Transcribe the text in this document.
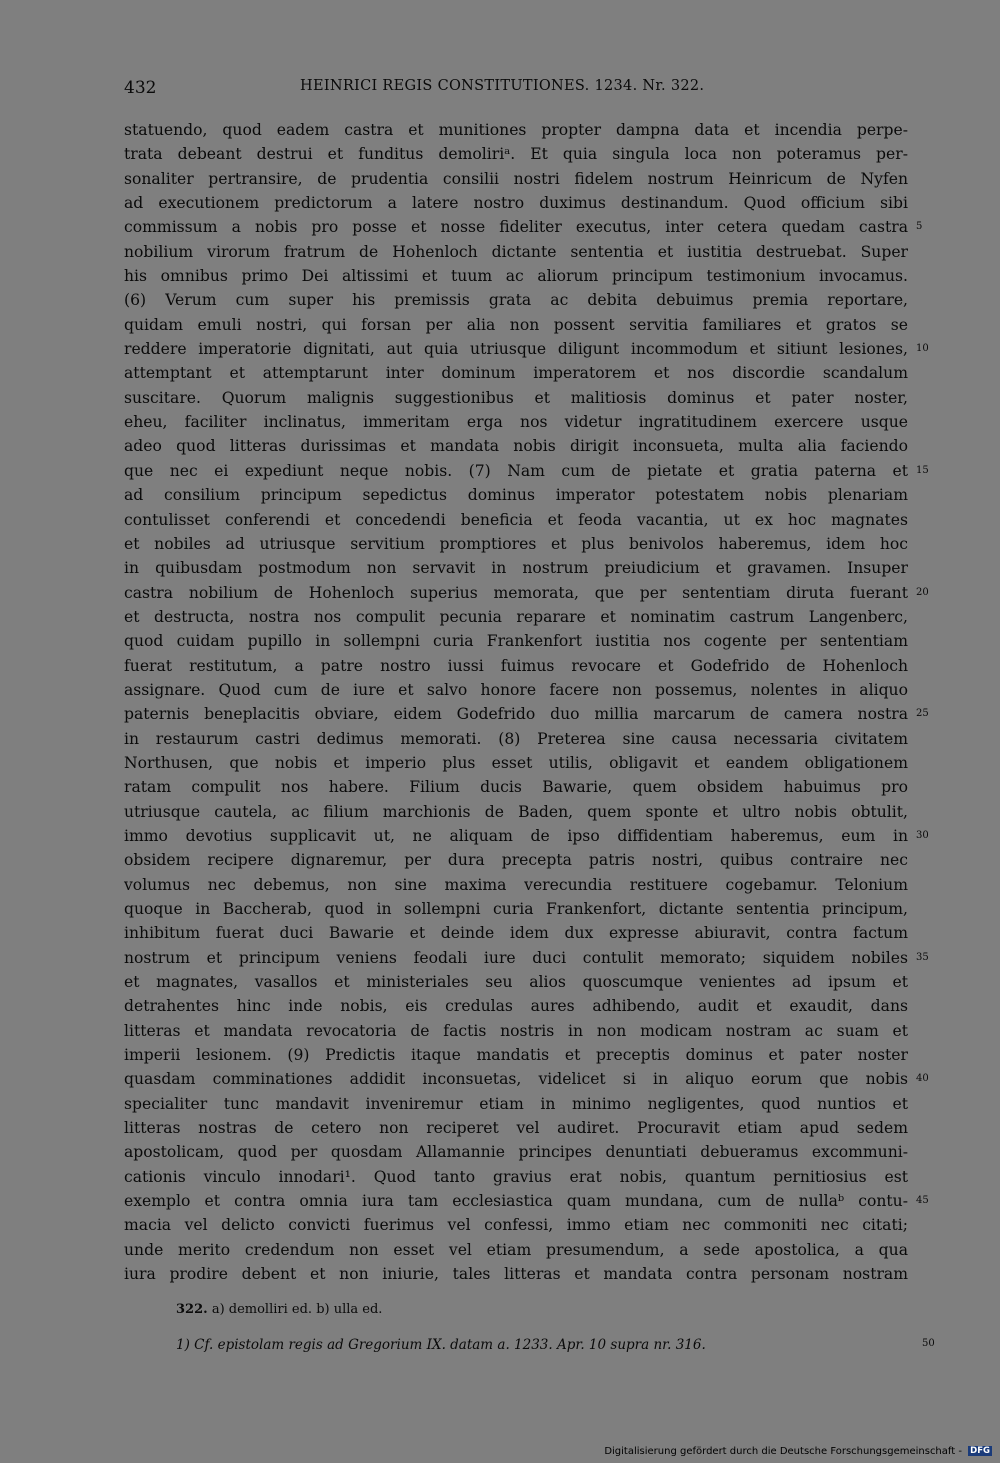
432	HEINRICI REGIS CONSTITUTIONES. 1234. Nr. 322.
statuendo, quod eadem castra et munitiones propter dampna data et incendia perpe-
trata debeant destrui et funditus demoliriᵃ. Et quia singula loca non poteramus per-
sonaliter pertransire, de prudentia consilii nostri fidelem nostrum Heinricum de Nyfen
ad executionem predictorum a latere nostro duximus destinandum. Quod officium sibi
commissum a nobis pro posse et nosse fideliter executus, inter cetera quedam castra 5
nobilium virorum fratrum de Hohenloch dictante sententia et iustitia destruebat. Super
his omnibus primo Dei altissimi et tuum ac aliorum principum testimonium invocamus.
(6) Verum cum super his premissis grata ac debita debuimus premia reportare,
quidam emuli nostri, qui forsan per alia non possent servitia familiares et gratos se
reddere imperatorie dignitati, aut quia utriusque diligunt incommodum et sitiunt lesiones, 10
attemptant et attemptarunt inter dominum imperatorem et nos discordie scandalum
suscitare. Quorum malignis suggestionibus et malitiosis dominus et pater noster,
eheu, faciliter inclinatus, immeritam erga nos videtur ingratitudinem exercere usque
adeo quod litteras durissimas et mandata nobis dirigit inconsueta, multa alia faciendo
que nec ei expediunt neque nobis. (7) Nam cum de pietate et gratia paterna et 15
ad consilium principum sepedictus dominus imperator potestatem nobis plenariam
contulisset conferendi et concedendi beneficia et feoda vacantia, ut ex hoc magnates
et nobiles ad utriusque servitium promptiores et plus benivolos haberemus, idem hoc
in quibusdam postmodum non servavit in nostrum preiudicium et gravamen. Insuper
castra nobilium de Hohenloch superius memorata, que per sententiam diruta fuerant 20
et destructa, nostra nos compulit pecunia reparare et nominatim castrum Langenberc,
quod cuidam pupillo in sollempni curia Frankenfort iustitia nos cogente per sententiam
fuerat restitutum, a patre nostro iussi fuimus revocare et Godefrido de Hohenloch
assignare. Quod cum de iure et salvo honore facere non possemus, nolentes in aliquo
paternis beneplacitis obviare, eidem Godefrido duo millia marcarum de camera nostra 25
in restaurum castri dedimus memorati. (8) Preterea sine causa necessaria civitatem
Northusen, que nobis et imperio plus esset utilis, obligavit et eandem obligationem
ratam compulit nos habere. Filium ducis Bawarie, quem obsidem habuimus pro
utriusque cautela, ac filium marchionis de Baden, quem sponte et ultro nobis obtulit,
immo devotius supplicavit ut, ne aliquam de ipso diffidentiam haberemus, eum in 30
obsidem recipere dignaremur, per dura precepta patris nostri, quibus contraire nec
volumus nec debemus, non sine maxima verecundia restituere cogebamur. Telonium
quoque in Baccherab, quod in sollempni curia Frankenfort, dictante sententia principum,
inhibitum fuerat duci Bawarie et deinde idem dux expresse abiuravit, contra factum
nostrum et principum veniens feodali iure duci contulit memorato; siquidem nobiles 35
et magnates, vasallos et ministeriales seu alios quoscumque venientes ad ipsum et
detrahentes hinc inde nobis, eis credulas aures adhibendo, audit et exaudit, dans
litteras et mandata revocatoria de factis nostris in non modicam nostram ac suam et
imperii lesionem. (9) Predictis itaque mandatis et preceptis dominus et pater noster
quasdam comminationes addidit inconsuetas, videlicet si in aliquo eorum que nobis 40
specialiter tunc mandavit inveniremur etiam in minimo negligentes, quod nuntios et
litteras nostras de cetero non reciperet vel audiret. Procuravit etiam apud sedem
apostolicam, quod per quosdam Allamannie principes denuntiati debueramus excommuni-
cationis vinculo innodari¹. Quod tanto gravius erat nobis, quantum pernitiosius est
exemplo et contra omnia iura tam ecclesiastica quam mundana, cum de nullaᵇ contu- 45
macia vel delicto convicti fuerimus vel confessi, immo etiam nec commoniti nec citati;
unde merito credendum non esset vel etiam presumendum, a sede apostolica, a qua
iura prodire debent et non iniurie, tales litteras et mandata contra personam nostram
322. a) demolliri ed. b) ulla ed.
1) Cf. epistolam regis ad Gregorium IX. datam a. 1233. Apr. 10 supra nr. 316.	50
Digitalisierung gefördert durch die Deutsche Forschungsgemeinschaft - DFG
